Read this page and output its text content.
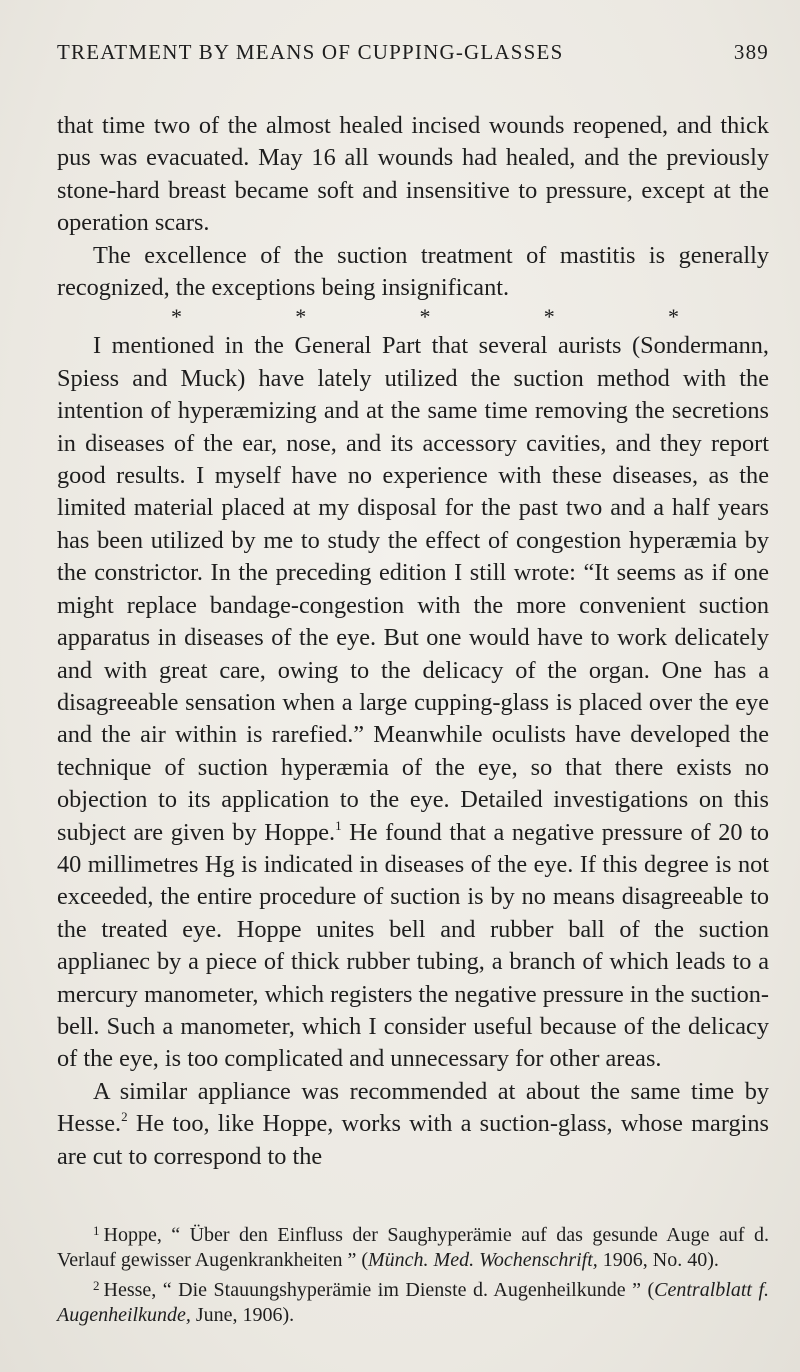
TREATMENT BY MEANS OF CUPPING-GLASSES	389

that time two of the almost healed incised wounds reopened, and thick pus was evacuated. May 16 all wounds had healed, and the previously stone-hard breast became soft and insensitive to pressure, except at the operation scars.

The excellence of the suction treatment of mastitis is generally recognized, the exceptions being insignificant.

*	*	*	*	*

I mentioned in the General Part that several aurists (Sondermann, Spiess and Muck) have lately utilized the suction method with the intention of hyperæmizing and at the same time removing the secretions in diseases of the ear, nose, and its accessory cavities, and they report good results. I myself have no experience with these diseases, as the limited material placed at my disposal for the past two and a half years has been utilized by me to study the effect of congestion hyperæmia by the constrictor. In the preceding edition I still wrote: “It seems as if one might replace bandage-congestion with the more convenient suction apparatus in diseases of the eye. But one would have to work delicately and with great care, owing to the delicacy of the organ. One has a disagreeable sensation when a large cupping-glass is placed over the eye and the air within is rarefied.” Meanwhile oculists have developed the technique of suction hyperæmia of the eye, so that there exists no objection to its application to the eye. Detailed investigations on this subject are given by Hoppe.$^1$ He found that a negative pressure of 20 to 40 millimetres Hg is indicated in diseases of the eye. If this degree is not exceeded, the entire procedure of suction is by no means disagreeable to the treated eye. Hoppe unites bell and rubber ball of the suction applianec by a piece of thick rubber tubing, a branch of which leads to a mercury manometer, which registers the negative pressure in the suction-bell. Such a manometer, which I consider useful because of the delicacy of the eye, is too complicated and unnecessary for other areas.

A similar appliance was recommended at about the same time by Hesse.$^2$ He too, like Hoppe, works with a suction-glass, whose margins are cut to correspond to the

$^1$ Hoppe, “ Über den Einfluss der Saughyperämie auf das gesunde Auge auf d. Verlauf gewisser Augenkrankheiten ” (Münch. Med. Wochenschrift, 1906, No. 40).

$^2$ Hesse, “ Die Stauungshyperämie im Dienste d. Augenheilkunde ” (Centralblatt f. Augenheilkunde, June, 1906).
